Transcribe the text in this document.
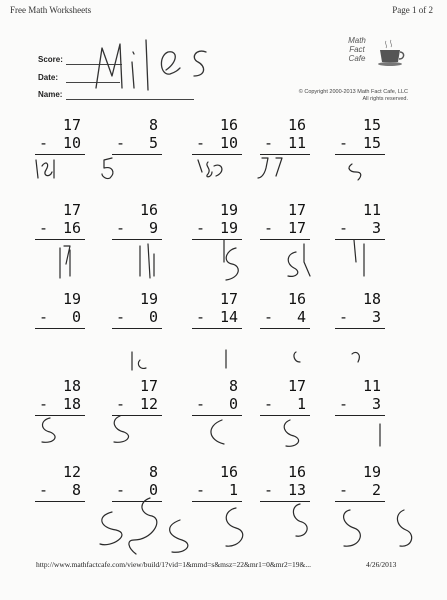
Free Math Worksheets	Page 1 of 2
Score:
Date:
Name:
Math
Fact
Cafe
© Copyright 2000-2013 Math Fact Cafe, LLC
All rights reserved.
17
- 10
8
- 5
16
- 10
16
- 11
15
- 15
17
- 16
16
- 9
19
- 19
17
- 17
11
- 3
19
- 0
19
- 0
17
- 14
16
- 4
18
- 3
18
- 18
17
- 12
8
- 0
17
- 1
11
- 3
12
- 8
8
- 0
16
- 1
16
- 13
19
- 2
http://www.mathfactcafe.com/view/build/1?vid=1&mmd=s&msz=22&mr1=0&mr2=19&...	4/26/2013
